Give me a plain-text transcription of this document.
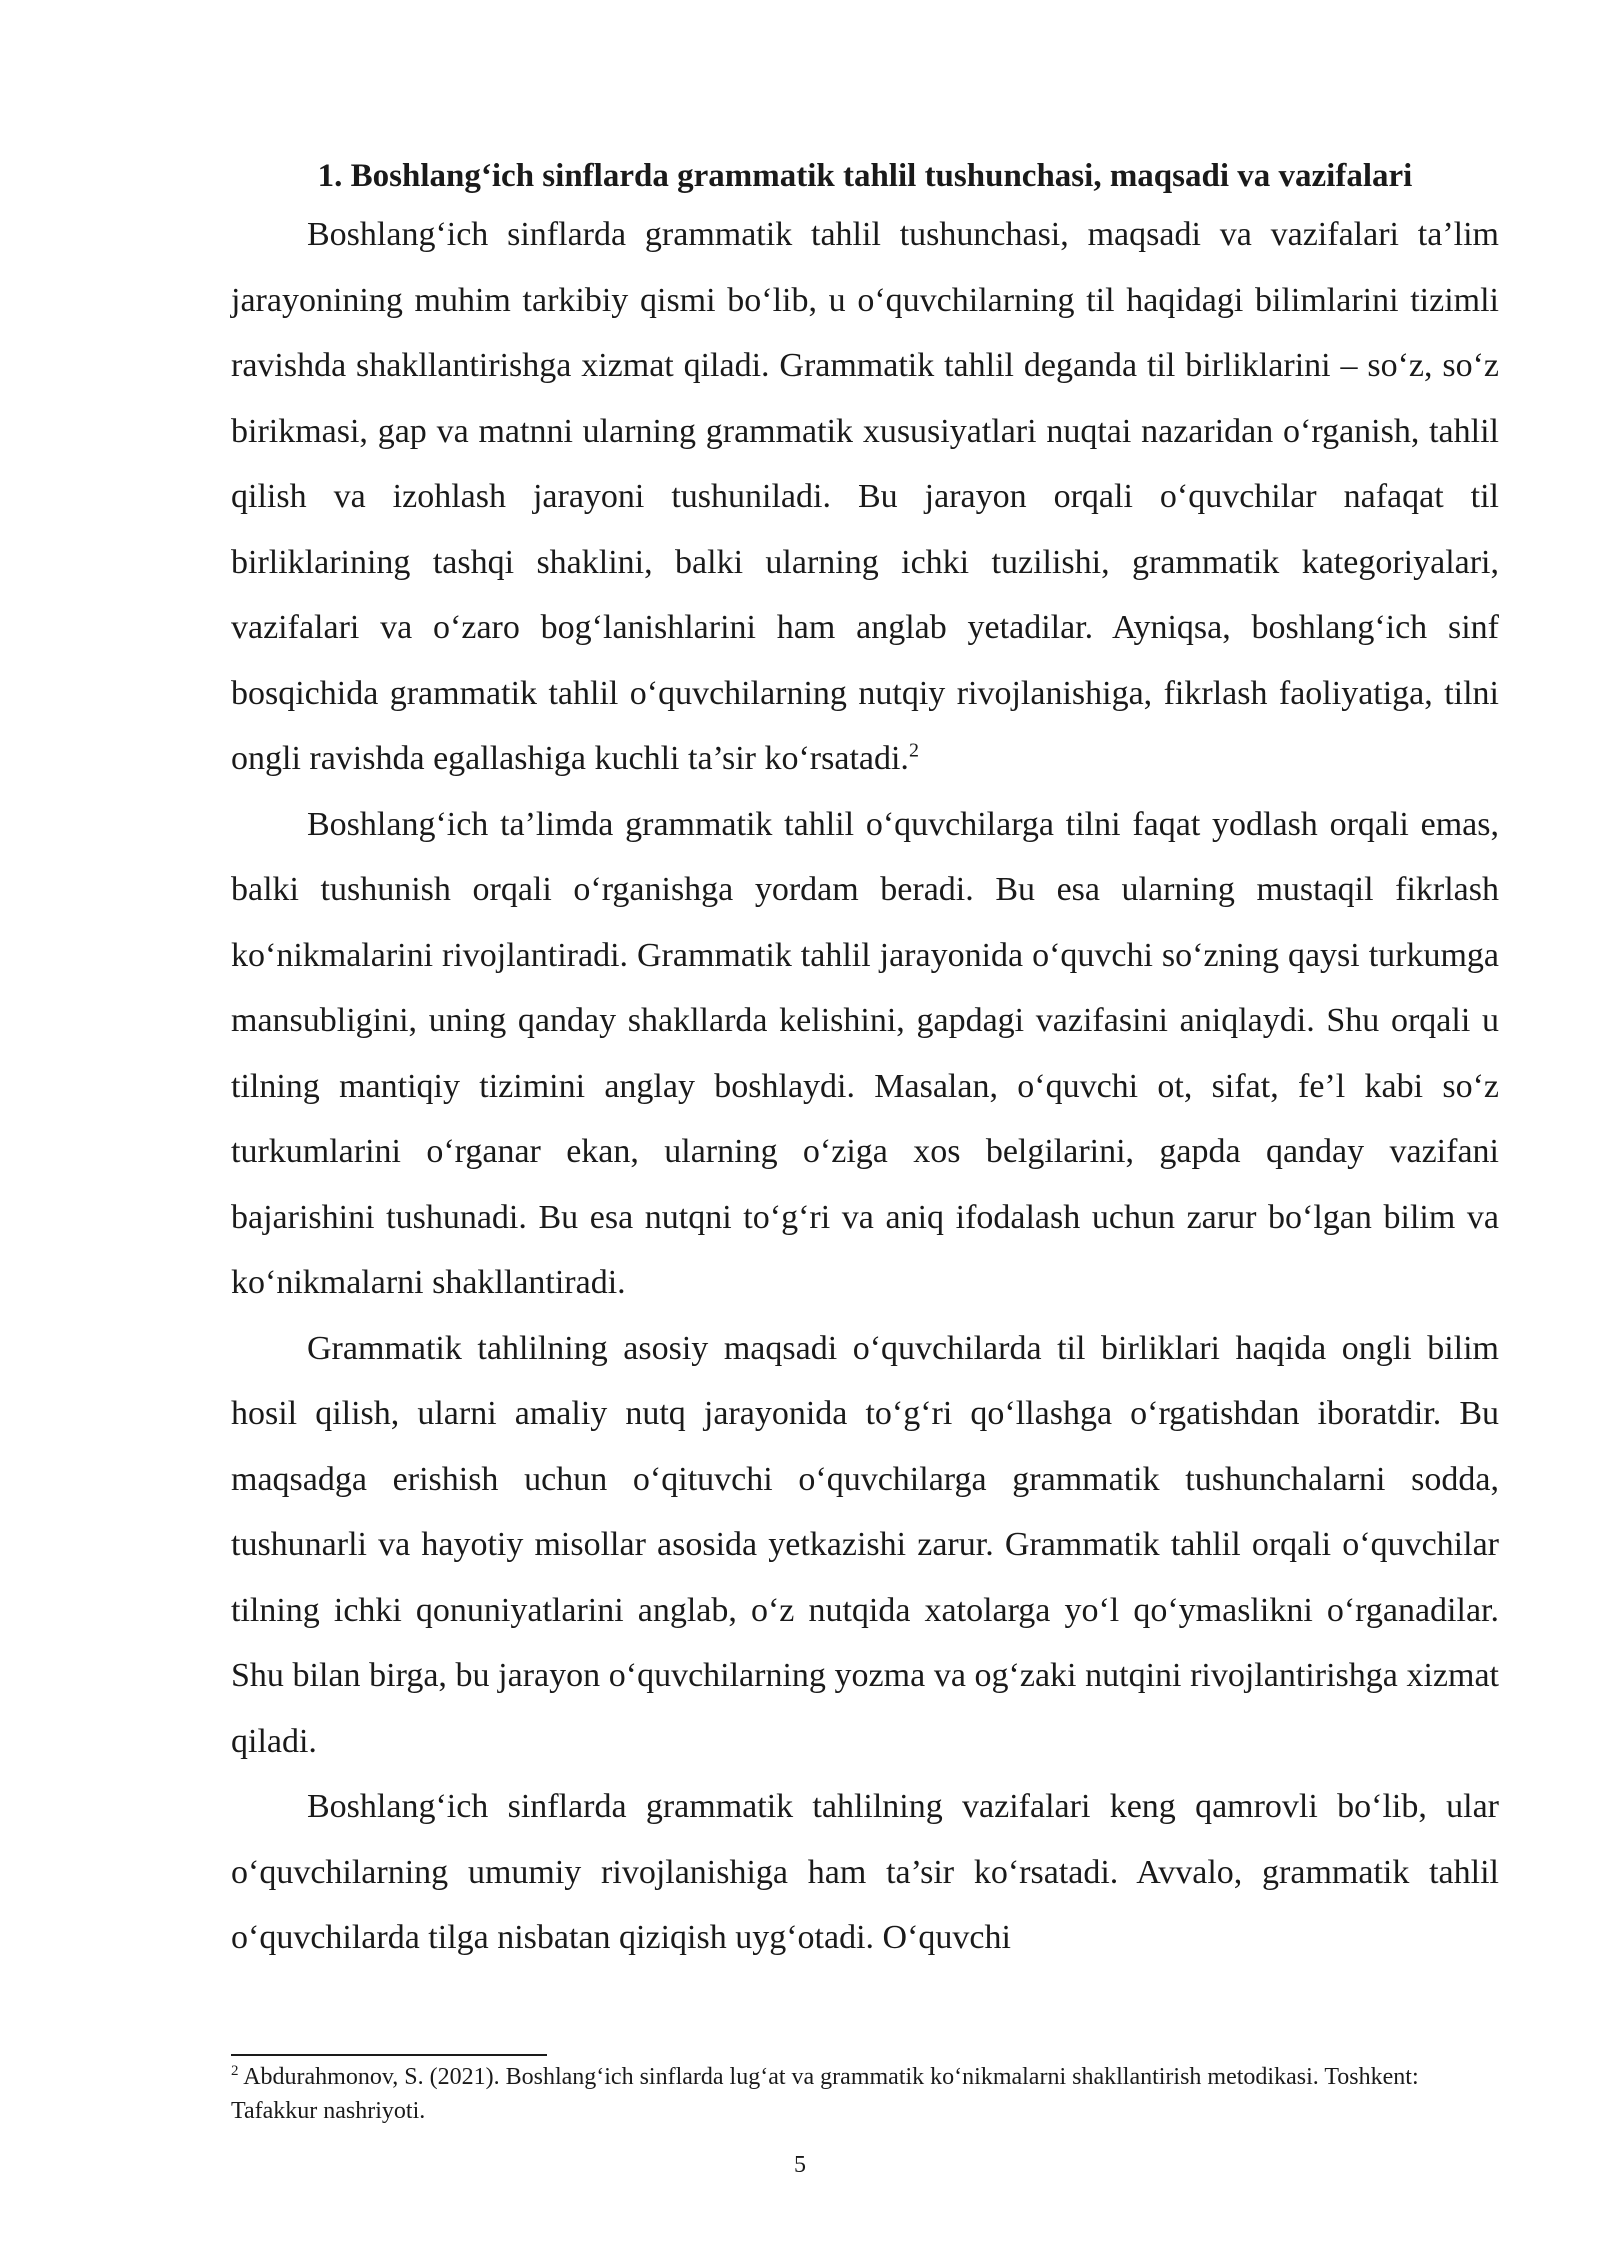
1. Boshlang‘ich sinflarda grammatik tahlil tushunchasi, maqsadi va vazifalari

Boshlang‘ich sinflarda grammatik tahlil tushunchasi, maqsadi va vazifalari ta’lim jarayonining muhim tarkibiy qismi bo‘lib, u o‘quvchilarning til haqidagi bilimlarini tizimli ravishda shakllantirishga xizmat qiladi. Grammatik tahlil deganda til birliklarini – so‘z, so‘z birikmasi, gap va matnni ularning grammatik xususiyatlari nuqtai nazaridan o‘rganish, tahlil qilish va izohlash jarayoni tushuniladi. Bu jarayon orqali o‘quvchilar nafaqat til birliklarining tashqi shaklini, balki ularning ichki tuzilishi, grammatik kategoriyalari, vazifalari va o‘zaro bog‘lanishlarini ham anglab yetadilar. Ayniqsa, boshlang‘ich sinf bosqichida grammatik tahlil o‘quvchilarning nutqiy rivojlanishiga, fikrlash faoliyatiga, tilni ongli ravishda egallashiga kuchli ta’sir ko‘rsatadi.$^2$

Boshlang‘ich ta’limda grammatik tahlil o‘quvchilarga tilni faqat yodlash orqali emas, balki tushunish orqali o‘rganishga yordam beradi. Bu esa ularning mustaqil fikrlash ko‘nikmalarini rivojlantiradi. Grammatik tahlil jarayonida o‘quvchi so‘zning qaysi turkumga mansubligini, uning qanday shakllarda kelishini, gapdagi vazifasini aniqlaydi. Shu orqali u tilning mantiqiy tizimini anglay boshlaydi. Masalan, o‘quvchi ot, sifat, fe’l kabi so‘z turkumlarini o‘rganar ekan, ularning o‘ziga xos belgilarini, gapda qanday vazifani bajarishini tushunadi. Bu esa nutqni to‘g‘ri va aniq ifodalash uchun zarur bo‘lgan bilim va ko‘nikmalarni shakllantiradi.

Grammatik tahlilning asosiy maqsadi o‘quvchilarda til birliklari haqida ongli bilim hosil qilish, ularni amaliy nutq jarayonida to‘g‘ri qo‘llashga o‘rgatishdan iboratdir. Bu maqsadga erishish uchun o‘qituvchi o‘quvchilarga grammatik tushunchalarni sodda, tushunarli va hayotiy misollar asosida yetkazishi zarur. Grammatik tahlil orqali o‘quvchilar tilning ichki qonuniyatlarini anglab, o‘z nutqida xatolarga yo‘l qo‘ymaslikni o‘rganadilar. Shu bilan birga, bu jarayon o‘quvchilarning yozma va og‘zaki nutqini rivojlantirishga xizmat qiladi.

Boshlang‘ich sinflarda grammatik tahlilning vazifalari keng qamrovli bo‘lib, ular o‘quvchilarning umumiy rivojlanishiga ham ta’sir ko‘rsatadi. Avvalo, grammatik tahlil o‘quvchilarda tilga nisbatan qiziqish uyg‘otadi. O‘quvchi

$^2$ Abdurahmonov, S. (2021). Boshlang‘ich sinflarda lug‘at va grammatik ko‘nikmalarni shakllantirish metodikasi. Toshkent: Tafakkur nashriyoti.

5
